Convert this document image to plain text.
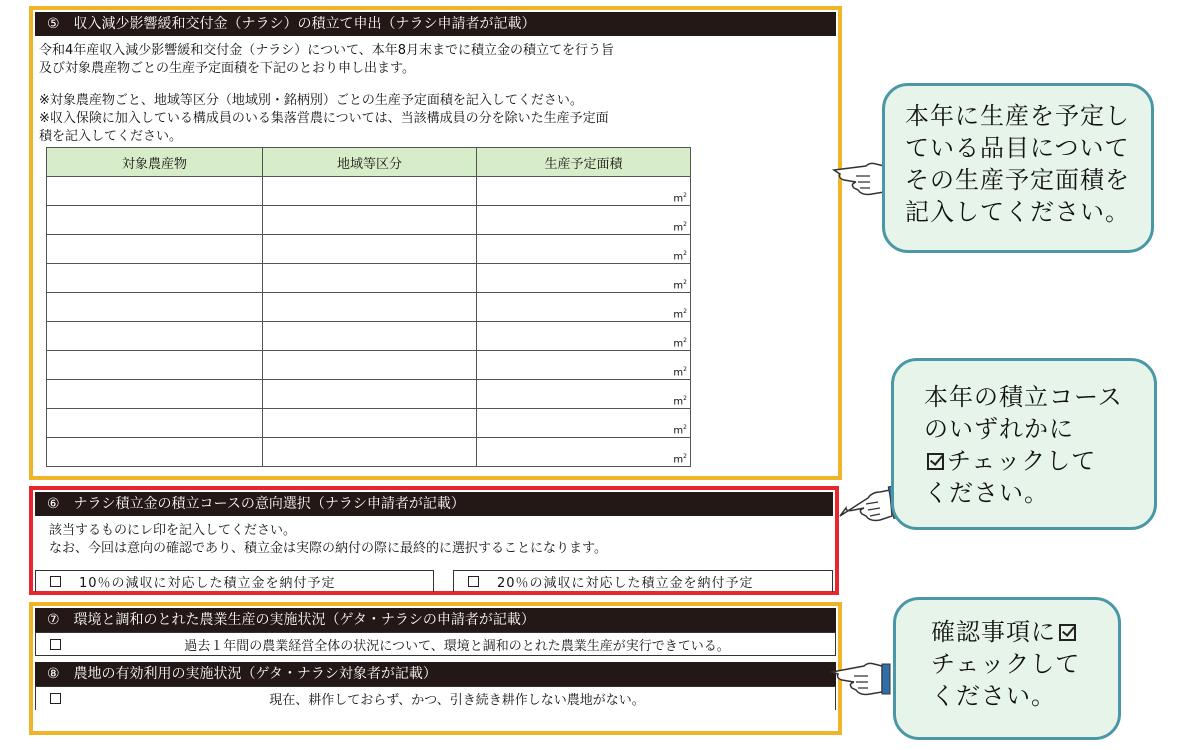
⑤　収入減少影響緩和交付金（ナラシ）の積立て申出（ナラシ申請者が記載）
令和4年産収入減少影響緩和交付金（ナラシ）について、本年8月末までに積立金の積立てを行う旨
及び対象農産物ごとの生産予定面積を下記のとおり申し出ます。
※対象農産物ごと、地域等区分（地域別・銘柄別）ごとの生産予定面積を記入してください。
※収入保険に加入している構成員のいる集落営農については、当該構成員の分を除いた生産予定面
積を記入してください。
対象農産物	地域等区分	生産予定面積

		$m^2$

		$m^2$

		$m^2$

		$m^2$

		$m^2$

		$m^2$

		$m^2$

		$m^2$

		$m^2$

		$m^2$
⑥　ナラシ積立金の積立コースの意向選択（ナラシ申請者が記載）
該当するものにレ印を記入してください。
なお、今回は意向の確認であり、積立金は実際の納付の際に最終的に選択することになります。
10％の減収に対応した積立金を納付予定	20％の減収に対応した積立金を納付予定
⑦　環境と調和のとれた農業生産の実施状況（ゲタ・ナラシの申請者が記載）
過去１年間の農業経営全体の状況について、環境と調和のとれた農業生産が実行できている。
⑧　農地の有効利用の実施状況（ゲタ・ナラシ対象者が記載）
現在、耕作しておらず、かつ、引き続き耕作しない農地がない。
本年に生産を予定し
ている品目について
その生産予定面積を
記入してください。
本年の積立コース
のいずれかに
チェックして
ください。
確認事項に
チェックして
ください。
